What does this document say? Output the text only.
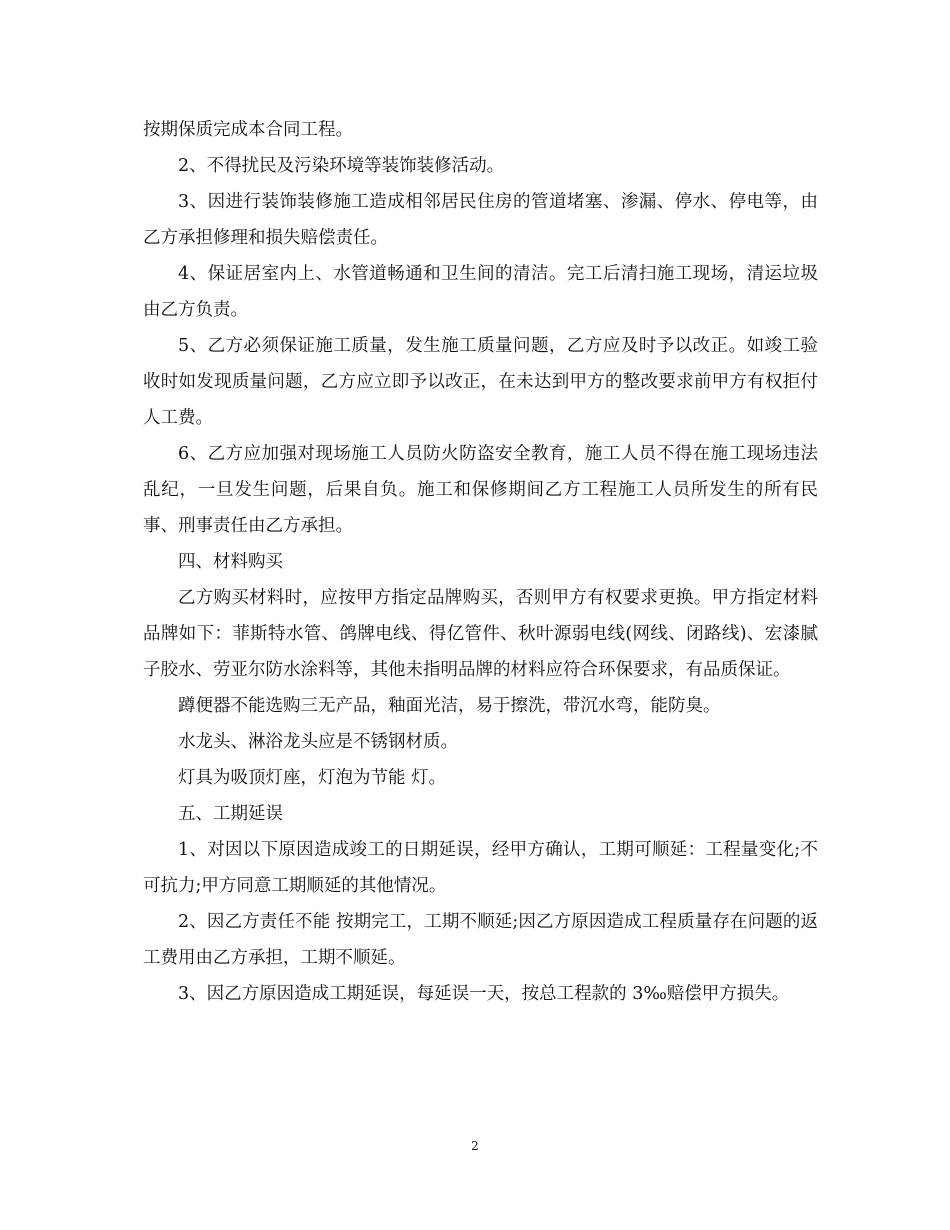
按期保质完成本合同工程。

2、不得扰民及污染环境等装饰装修活动。

3、因进行装饰装修施工造成相邻居民住房的管道堵塞、渗漏、停水、停电等，由乙方承担修理和损失赔偿责任。

4、保证居室内上、水管道畅通和卫生间的清洁。完工后清扫施工现场，清运垃圾由乙方负责。

5、乙方必须保证施工质量，发生施工质量问题，乙方应及时予以改正。如竣工验收时如发现质量问题，乙方应立即予以改正，在未达到甲方的整改要求前甲方有权拒付人工费。

6、乙方应加强对现场施工人员防火防盗安全教育，施工人员不得在施工现场违法乱纪，一旦发生问题，后果自负。施工和保修期间乙方工程施工人员所发生的所有民事、刑事责任由乙方承担。

四、材料购买

乙方购买材料时，应按甲方指定品牌购买，否则甲方有权要求更换。甲方指定材料品牌如下：菲斯特水管、鸽牌电线、得亿管件、秋叶源弱电线(网线、闭路线)、宏漆腻子胶水、劳亚尔防水涂料等，其他未指明品牌的材料应符合环保要求，有品质保证。

蹲便器不能选购三无产品，釉面光洁，易于擦洗，带沉水弯，能防臭。

水龙头、淋浴龙头应是不锈钢材质。

灯具为吸顶灯座，灯泡为节能 灯。

五、工期延误

1、对因以下原因造成竣工的日期延误，经甲方确认，工期可顺延：工程量变化;不可抗力;甲方同意工期顺延的其他情况。

2、因乙方责任不能 按期完工，工期不顺延;因乙方原因造成工程质量存在问题的返工费用由乙方承担，工期不顺延。

3、因乙方原因造成工期延误，每延误一天，按总工程款的 3‰赔偿甲方损失。

2
